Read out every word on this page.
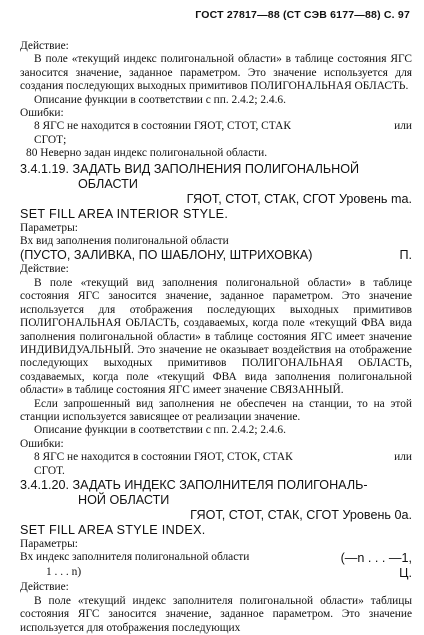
ГОСТ 27817—88 (СТ СЭВ 6177—88) С. 97

Действие:

В поле «текущий индекс полигональной области» в таблице состояния ЯГС заносится значение, заданное параметром. Это значение используется для создания последующих выходных примитивов ПОЛИГОНАЛЬНАЯ ОБЛАСТЬ.

Описание функции в соответствии с пп. 2.4.2; 2.4.6.

Ошибки:

8 ЯГС не находится в состоянии ГЯОТ, СТОТ, СТАК	или

СГОТ;

80 Неверно задан индекс полигональной области.

3.4.1.19. ЗАДАТЬ ВИД ЗАПОЛНЕНИЯ ПОЛИГОНАЛЬНОЙ
ОБЛАСТИ

ГЯОТ, СТОТ, СТАК, СГОТ Уровень ma.

SET FILL AREA INTERIOR STYLE.

Параметры:

Вх вид заполнения полигональной области

(ПУСТО, ЗАЛИВКА, ПО ШАБЛОНУ, ШТРИХОВКА)	П.

Действие:

В поле «текущий вид заполнения полигональной области» в таблице состояния ЯГС заносится значение, заданное параметром. Это значение используется для отображения последующих выходных примитивов ПОЛИГОНАЛЬНАЯ ОБЛАСТЬ, создаваемых, когда поле «текущий ФВА вида заполнения полигональной области» в таблице состояния ЯГС имеет значение ИНДИВИДУАЛЬНЫЙ. Это значение не оказывает воздействия на отображение последующих выходных примитивов ПОЛИГОНАЛЬНАЯ ОБЛАСТЬ, создаваемых, когда поле «текущий ФВА вида заполнения полигональной области» в таблице состояния ЯГС имеет значение СВЯЗАННЫЙ.

Если запрошенный вид заполнения не обеспечен на станции, то на этой станции используется зависящее от реализации значение.

Описание функции в соответствии с пп. 2.4.2; 2.4.6.

Ошибки:

8 ЯГС не находится в состоянии ГЯОТ, СТОК, СТАК	или

СГОТ.

3.4.1.20. ЗАДАТЬ ИНДЕКС ЗАПОЛНИТЕЛЯ ПОЛИГОНАЛЬ-
НОЙ ОБЛАСТИ

ГЯОТ, СТОТ, СТАК, СГОТ Уровень 0a.

SET FILL AREA STYLE INDEX.

Параметры:

Вх индекс заполнителя полигональной области	(—n . . . —1,
1 . . . n)	Ц.

Действие:

В поле «текущий индекс заполнителя полигональной области» таблицы состояния ЯГС заносится значение, заданное параметром. Это значение используется для отображения последующих
